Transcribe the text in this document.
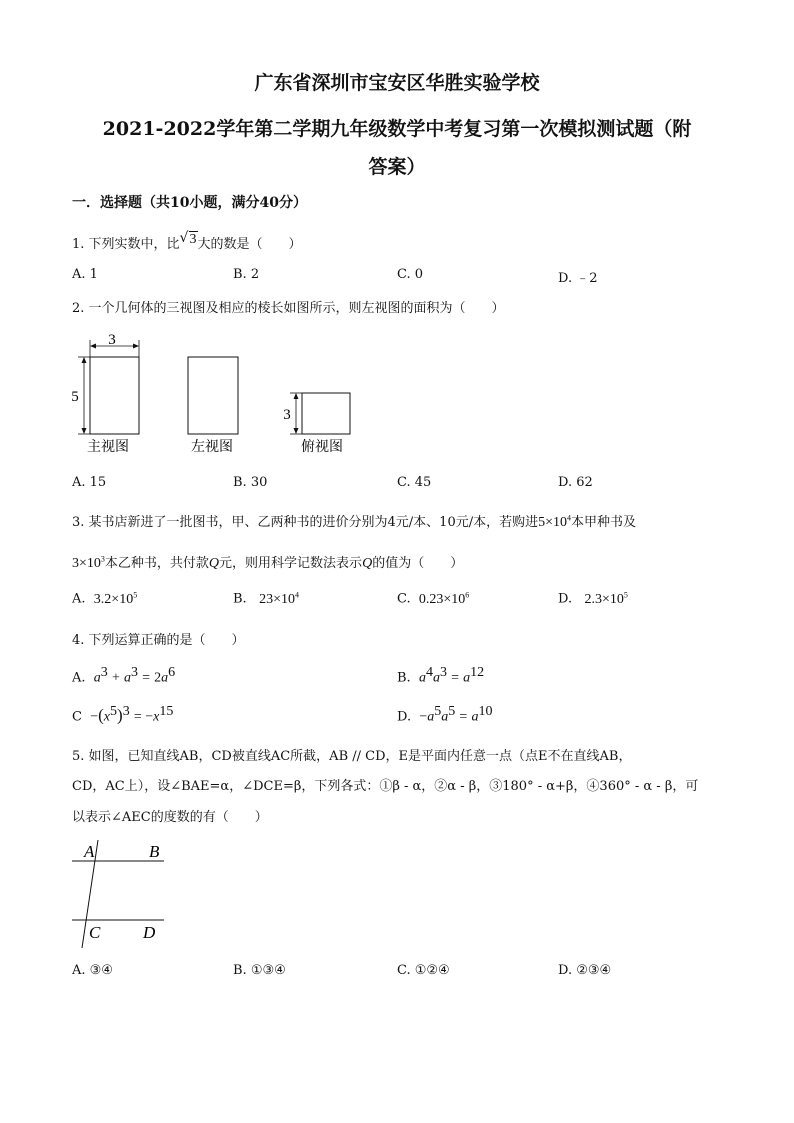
广东省深圳市宝安区华胜实验学校
2021-2022学年第二学期九年级数学中考复习第一次模拟测试题（附
答案）
一．选择题（共10小题，满分40分）
1. 下列实数中，比 √ 3大的数是（　　）
A. 1	B. 2	C. 0	D. ﹣2
2. 一个几何体的三视图及相应的棱长如图所示，则左视图的面积为（　　）
3
5
主视图	左视图
3
俯视图
A. 15	B. 30	C. 45	D. 62
3. 某书店新进了一批图书，甲、乙两种书的进价分别为4元/本、10元/本，若购进$5\times 10^4$本甲种书及
$3\times 10^3$本乙种书，共付款Q元，则用科学记数法表示Q的值为（　　）
A. $3.2\times 10^5$	B. $23\times 10^4$	C. $0.23\times 10^6$	D. $2.3\times 10^5$
4. 下列运算正确的是（　　）
A. $a^3 + a^3 = 2a^6$	B. $a^4a^3 = a^{12}$
$C -(x^5)^3 = -x^{15}$	D. $-a^5a^5 = a^{10}$
5. 如图，已知直线AB，CD被直线AC所截，AB // CD，E是平面内任意一点（点E不在直线AB，
CD，AC上），设∠BAE=α，∠DCE=β，下列各式：①β - α，②α - β，③180° - α+β，④360° - α - β，可
以表示∠AEC的度数的有（　　）
A	B
C	D
A. ③④	B. ①③④	C. ①②④	D. ②③④
